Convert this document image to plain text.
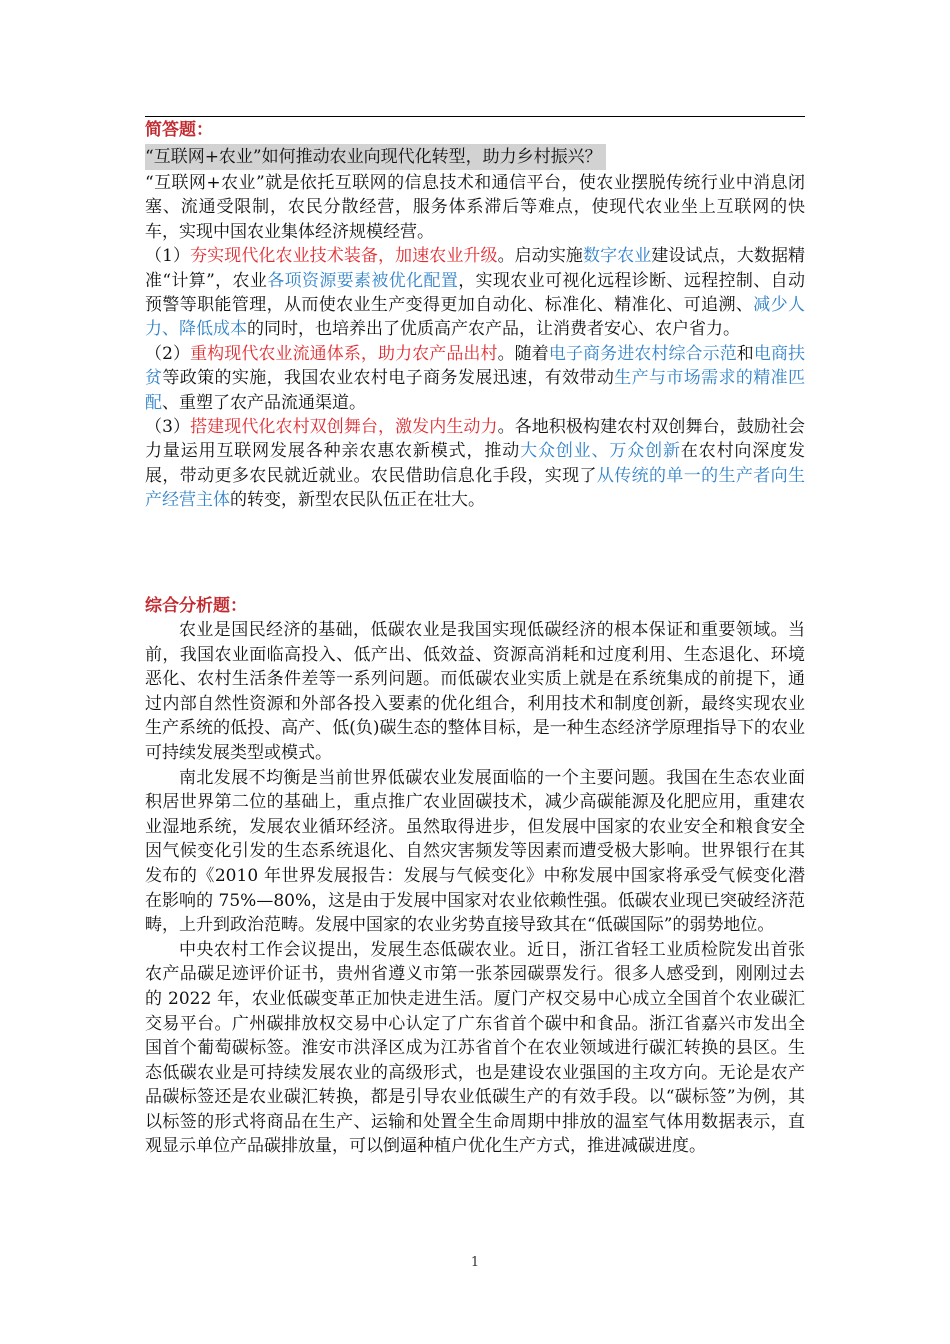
简答题：
“互联网+农业”如何推动农业向现代化转型，助力乡村振兴？

“互联网+农业”就是依托互联网的信息技术和通信平台，使农业摆脱传统行业中消息闭塞、流通受限制，农民分散经营，服务体系滞后等难点，使现代农业坐上互联网的快车，实现中国农业集体经济规模经营。

（1）夯实现代化农业技术装备，加速农业升级。启动实施数字农业建设试点，大数据精准“计算”，农业各项资源要素被优化配置，实现农业可视化远程诊断、远程控制、自动预警等职能管理，从而使农业生产变得更加自动化、标准化、精准化、可追溯、减少人力、降低成本的同时，也培养出了优质高产农产品，让消费者安心、农户省力。

（2）重构现代农业流通体系，助力农产品出村。随着电子商务进农村综合示范和电商扶贫等政策的实施，我国农业农村电子商务发展迅速，有效带动生产与市场需求的精准匹配、重塑了农产品流通渠道。

（3）搭建现代化农村双创舞台，激发内生动力。各地积极构建农村双创舞台，鼓励社会力量运用互联网发展各种亲农惠农新模式，推动大众创业、万众创新在农村向深度发展，带动更多农民就近就业。农民借助信息化手段，实现了从传统的单一的生产者向生产经营主体的转变，新型农民队伍正在壮大。

综合分析题：

农业是国民经济的基础，低碳农业是我国实现低碳经济的根本保证和重要领域。当前，我国农业面临高投入、低产出、低效益、资源高消耗和过度利用、生态退化、环境恶化、农村生活条件差等一系列问题。而低碳农业实质上就是在系统集成的前提下，通过内部自然性资源和外部各投入要素的优化组合，利用技术和制度创新，最终实现农业生产系统的低投、高产、低(负)碳生态的整体目标，是一种生态经济学原理指导下的农业可持续发展类型或模式。

南北发展不均衡是当前世界低碳农业发展面临的一个主要问题。我国在生态农业面积居世界第二位的基础上，重点推广农业固碳技术，减少高碳能源及化肥应用，重建农业湿地系统，发展农业循环经济。虽然取得进步，但发展中国家的农业安全和粮食安全因气候变化引发的生态系统退化、自然灾害频发等因素而遭受极大影响。世界银行在其发布的《2010 年世界发展报告：发展与气候变化》中称发展中国家将承受气候变化潜在影响的 75%—80%，这是由于发展中国家对农业依赖性强。低碳农业现已突破经济范畴，上升到政治范畴。发展中国家的农业劣势直接导致其在“低碳国际”的弱势地位。

中央农村工作会议提出，发展生态低碳农业。近日，浙江省轻工业质检院发出首张农产品碳足迹评价证书，贵州省遵义市第一张茶园碳票发行。很多人感受到，刚刚过去的 2022 年，农业低碳变革正加快走进生活。厦门产权交易中心成立全国首个农业碳汇交易平台。广州碳排放权交易中心认定了广东省首个碳中和食品。浙江省嘉兴市发出全国首个葡萄碳标签。淮安市洪泽区成为江苏省首个在农业领域进行碳汇转换的县区。生态低碳农业是可持续发展农业的高级形式，也是建设农业强国的主攻方向。无论是农产品碳标签还是农业碳汇转换，都是引导农业低碳生产的有效手段。以“碳标签”为例，其以标签的形式将商品在生产、运输和处置全生命周期中排放的温室气体用数据表示，直观显示单位产品碳排放量，可以倒逼种植户优化生产方式，推进减碳进度。

1
